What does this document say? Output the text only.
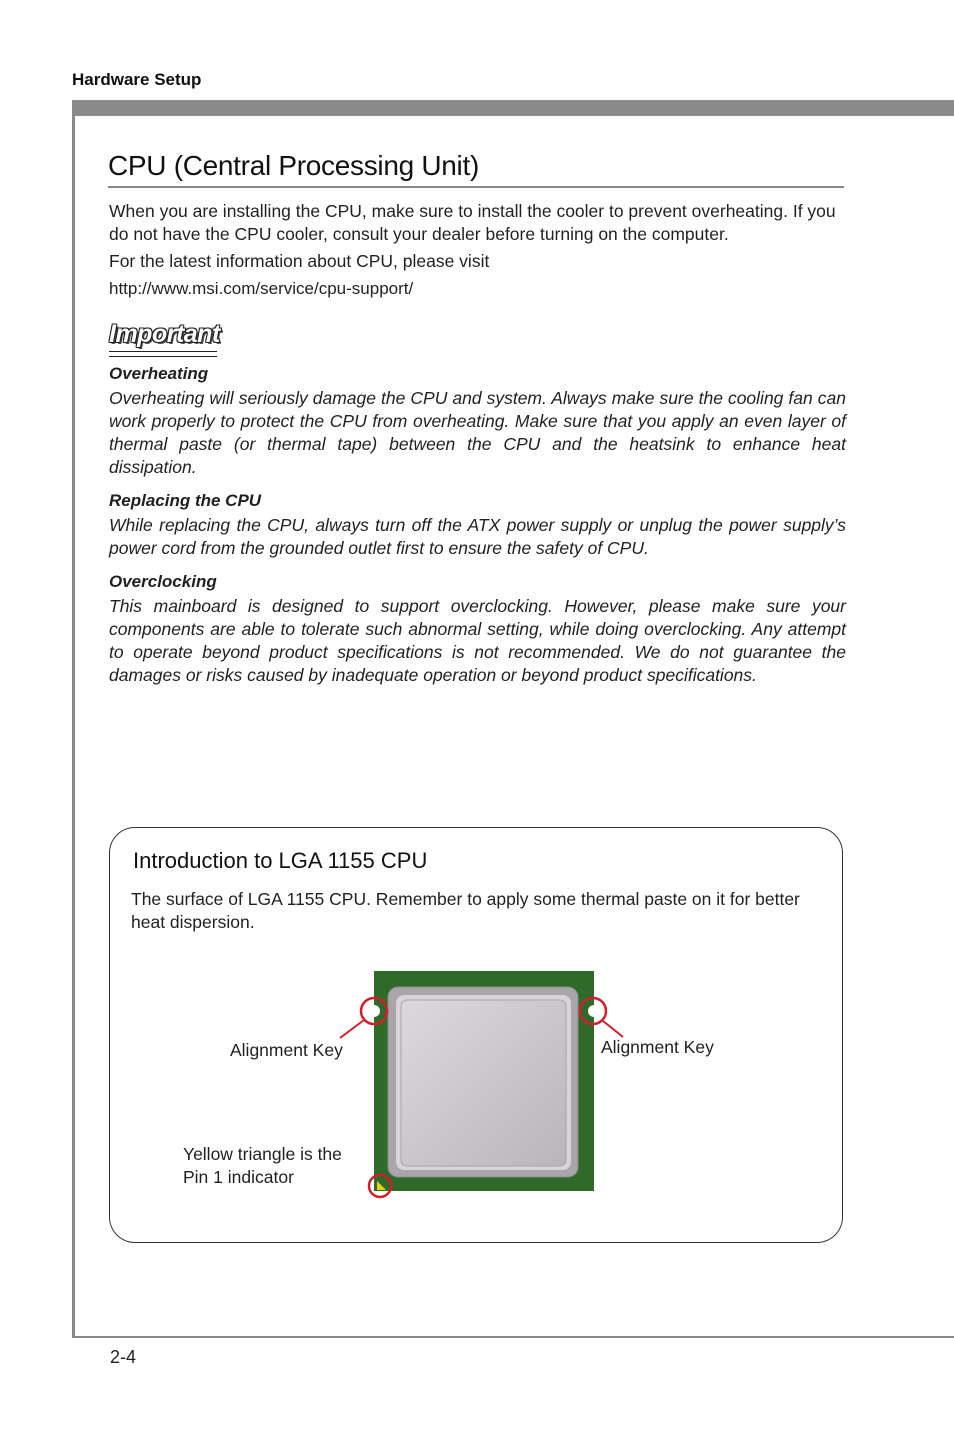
Hardware Setup
CPU (Central Processing Unit)

When you are installing the CPU, make sure to install the cooler to prevent overheating. If you do not have the CPU cooler, consult your dealer before turning on the computer.

For the latest information about CPU, please visit

http://www.msi.com/service/cpu-support/

Important

Overheating

Overheating will seriously damage the CPU and system. Always make sure the cooling fan can work properly to protect the CPU from overheating. Make sure that you apply an even layer of thermal paste (or thermal tape) between the CPU and the heatsink to enhance heat dissipation.

Replacing the CPU

While replacing the CPU, always turn off the ATX power supply or unplug the power supply’s power cord from the grounded outlet first to ensure the safety of CPU.

Overclocking

This mainboard is designed to support overclocking. However, please make sure your components are able to tolerate such abnormal setting, while doing overclocking. Any attempt to operate beyond product specifications is not recommended. We do not guarantee the damages or risks caused by inadequate operation or beyond product specifications.

Introduction to LGA 1155 CPU

The surface of LGA 1155 CPU. Remember to apply some thermal paste on it for better heat dispersion.

Alignment Key	Alignment Key
Yellow triangle is the
Pin 1 indicator
2-4
